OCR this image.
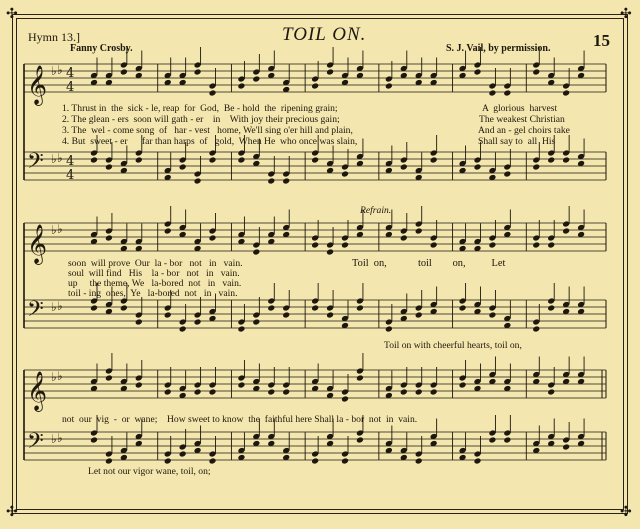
✣	✣
✣	✣
Hymn 13.]	TOIL ON.	15
Fanny Crosby.	S. J. Vail, by permission.
𝄞 ♭ ♭ 4
4
𝄢 ♭ ♭ 4
4
𝄞 ♭ ♭
𝄢 ♭ ♭
𝄞 ♭ ♭
𝄢 ♭ ♭
1. Thrust in  the  sick - le, reap  for  God,  Be - hold  the  ripening grain;
2. The glean - ers  soon will gath - er    in    With joy their precious gain;
3. The  wel - come song  of   har - vest   home, We'll sing o'er hill and plain,
4. But  sweet - er      far than harps  of   gold,  When He  who once was slain,
A  glorious  harvest
The weakest Christian
And an - gel choirs take
Shall say to  all  His
Refrain.
soon  will prove  Our  la - bor   not   in   vain.
soul  will find   His    la - bor   not   in   vain.
up     the theme, We   la-bored  not   in   vain.
toil - ing  ones,  Ye   la-bored  not   in   vain.
Toil  on,            toil        on,          Let
Toil on with cheerful hearts, toil on,
not  our  vig  -  or  wane;    How sweet to know  the  faithful here Shall la - bor  not  in  vain.
Let not our vigor wane, toil, on;
